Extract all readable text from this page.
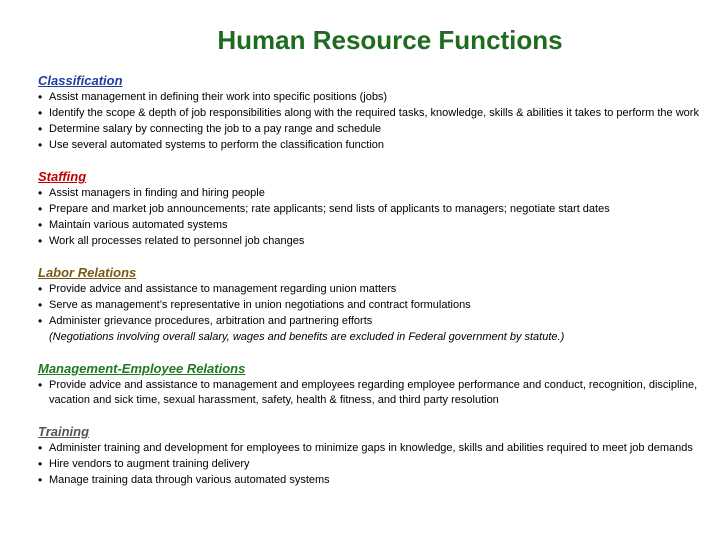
Human Resource Functions
Classification
• Assist management in defining their work into specific positions (jobs)
• Identify the scope & depth of job responsibilities along with the required tasks, knowledge, skills & abilities it takes to perform the work
• Determine salary by connecting the job to a pay range and schedule
• Use several automated systems to perform the classification function
Staffing
• Assist managers in finding and hiring people
• Prepare and market job announcements; rate applicants; send lists of applicants to managers; negotiate start dates
• Maintain various automated systems
• Work all processes related to personnel job changes
Labor Relations
• Provide advice and assistance to management regarding union matters
• Serve as management’s representative in union negotiations and contract formulations
• Administer grievance procedures, arbitration and partnering efforts
(Negotiations involving overall salary, wages and benefits are excluded in Federal government by statute.)
Management-Employee Relations
• Provide advice and assistance to management and employees regarding employee performance and conduct, recognition, discipline, vacation and sick time, sexual harassment, safety, health & fitness, and third party resolution
Training
• Administer training and development for employees to minimize gaps in knowledge, skills and abilities required to meet job demands
• Hire vendors to augment training delivery
• Manage training data through various automated systems
